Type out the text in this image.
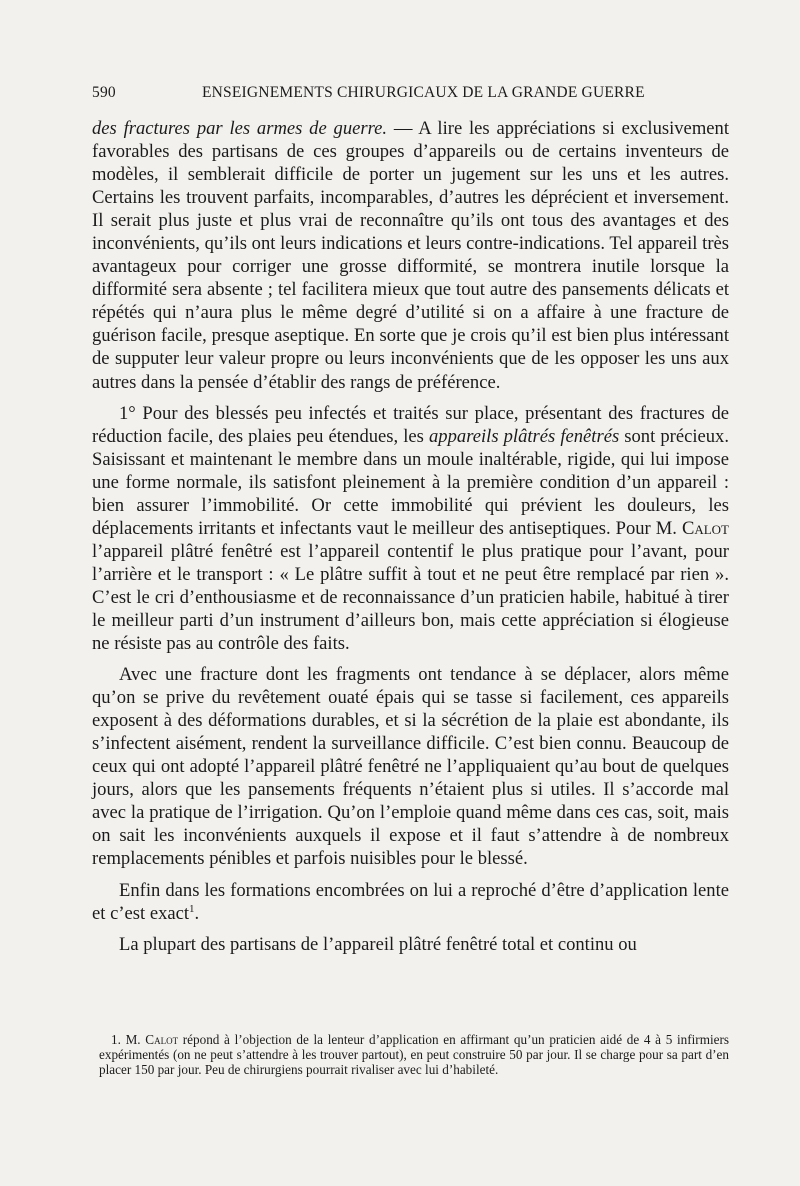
590	ENSEIGNEMENTS CHIRURGICAUX DE LA GRANDE GUERRE

des fractures par les armes de guerre. — A lire les appréciations si exclusivement favorables des partisans de ces groupes d’appareils ou de certains inventeurs de modèles, il semblerait difficile de porter un jugement sur les uns et les autres. Certains les trouvent parfaits, incomparables, d’autres les déprécient et inversement. Il serait plus juste et plus vrai de reconnaître qu’ils ont tous des avantages et des inconvénients, qu’ils ont leurs indications et leurs contre-indications. Tel appareil très avantageux pour corriger une grosse difformité, se montrera inutile lorsque la difformité sera absente ; tel facilitera mieux que tout autre des pansements délicats et répétés qui n’aura plus le même degré d’utilité si on a affaire à une fracture de guérison facile, presque aseptique. En sorte que je crois qu’il est bien plus intéressant de supputer leur valeur propre ou leurs inconvénients que de les opposer les uns aux autres dans la pensée d’établir des rangs de préférence.

1° Pour des blessés peu infectés et traités sur place, présentant des fractures de réduction facile, des plaies peu étendues, les appareils plâtrés fenêtrés sont précieux. Saisissant et maintenant le membre dans un moule inaltérable, rigide, qui lui impose une forme normale, ils satisfont pleinement à la première condition d’un appareil : bien assurer l’immobilité. Or cette immobilité qui prévient les douleurs, les déplacements irritants et infectants vaut le meilleur des antiseptiques. Pour M. Calot l’appareil plâtré fenêtré est l’appareil contentif le plus pratique pour l’avant, pour l’arrière et le transport : « Le plâtre suffit à tout et ne peut être remplacé par rien ». C’est le cri d’enthousiasme et de reconnaissance d’un praticien habile, habitué à tirer le meilleur parti d’un instrument d’ailleurs bon, mais cette appréciation si élogieuse ne résiste pas au contrôle des faits.

Avec une fracture dont les fragments ont tendance à se déplacer, alors même qu’on se prive du revêtement ouaté épais qui se tasse si facilement, ces appareils exposent à des déformations durables, et si la sécrétion de la plaie est abondante, ils s’infectent aisément, rendent la surveillance difficile. C’est bien connu. Beaucoup de ceux qui ont adopté l’appareil plâtré fenêtré ne l’appliquaient qu’au bout de quelques jours, alors que les pansements fréquents n’étaient plus si utiles. Il s’accorde mal avec la pratique de l’irrigation. Qu’on l’emploie quand même dans ces cas, soit, mais on sait les inconvénients auxquels il expose et il faut s’attendre à de nombreux remplacements pénibles et parfois nuisibles pour le blessé.

Enfin dans les formations encombrées on lui a reproché d’être d’application lente et c’est exact$^1$.

La plupart des partisans de l’appareil plâtré fenêtré total et continu ou

1. M. Calot répond à l’objection de la lenteur d’application en affirmant qu’un praticien aidé de 4 à 5 infirmiers expérimentés (on ne peut s’attendre à les trouver partout), en peut construire 50 par jour. Il se charge pour sa part d’en placer 150 par jour. Peu de chirurgiens pourrait rivaliser avec lui d’habileté.
